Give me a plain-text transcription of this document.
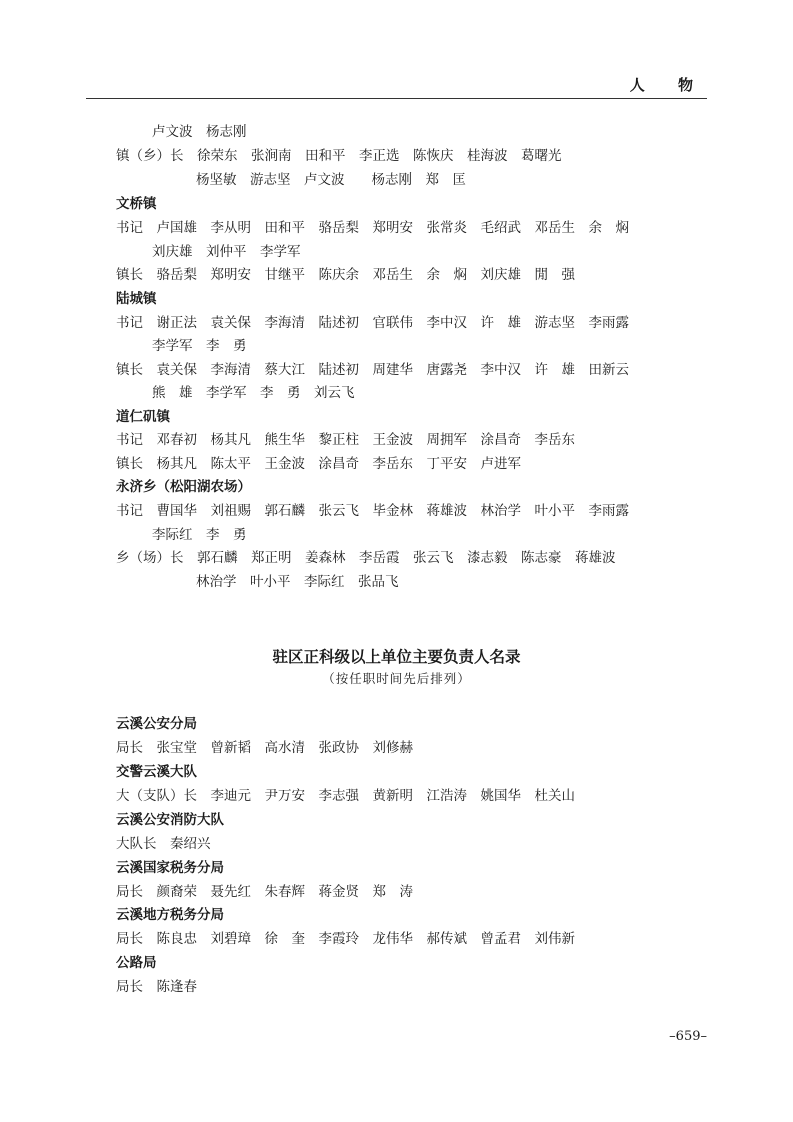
人 物
卢文波　杨志刚
镇（乡）长　徐荣东　张涧南　田和平　李正选　陈恢庆　桂海波　葛曙光
杨坚敏　游志坚　卢文波　　杨志刚　郑　匡
文桥镇
书记　卢国雄　李从明　田和平　骆岳梨　郑明安　张常炎　毛绍武　邓岳生　余　焖
刘庆雄　刘仲平　李学军
镇长　骆岳梨　郑明安　甘继平　陈庆余　邓岳生　余　焖　刘庆雄　閒　强
陆城镇
书记　谢正法　袁关保　李海清　陆述初　官联伟　李中汉　许　雄　游志坚　李雨露
李学军　李　勇
镇长　袁关保　李海清　蔡大江　陆述初　周建华　唐露尧　李中汉　许　雄　田新云
熊　雄　李学军　李　勇　刘云飞
道仁矶镇
书记　邓春初　杨其凡　熊生华　黎正柱　王金波　周拥军　涂昌奇　李岳东
镇长　杨其凡　陈太平　王金波　涂昌奇　李岳东　丁平安　卢进军
永济乡（松阳湖农场）
书记　曹国华　刘祖赐　郭石麟　张云飞　毕金林　蒋雄波　林治学　叶小平　李雨露
李际红　李　勇
乡（场）长　郭石麟　郑正明　姜森林　李岳霞　张云飞　漆志毅　陈志豪　蒋雄波
林治学　叶小平　李际红　张品飞
驻区正科级以上单位主要负责人名录
（按任职时间先后排列）
云溪公安分局
局长　张宝堂　曾新韬　高水清　张政协　刘修赫
交警云溪大队
大（支队）长　李迪元　尹万安　李志强　黄新明　江浩涛　姚国华　杜关山
云溪公安消防大队
大队长　秦绍兴
云溪国家税务分局
局长　颜裔荣　聂先红　朱春辉　蒋金贤　郑　涛
云溪地方税务分局
局长　陈良忠　刘碧璋　徐　奎　李霞玲　龙伟华　郝传斌　曾孟君　刘伟新
公路局
局长　陈逢春
–659–
